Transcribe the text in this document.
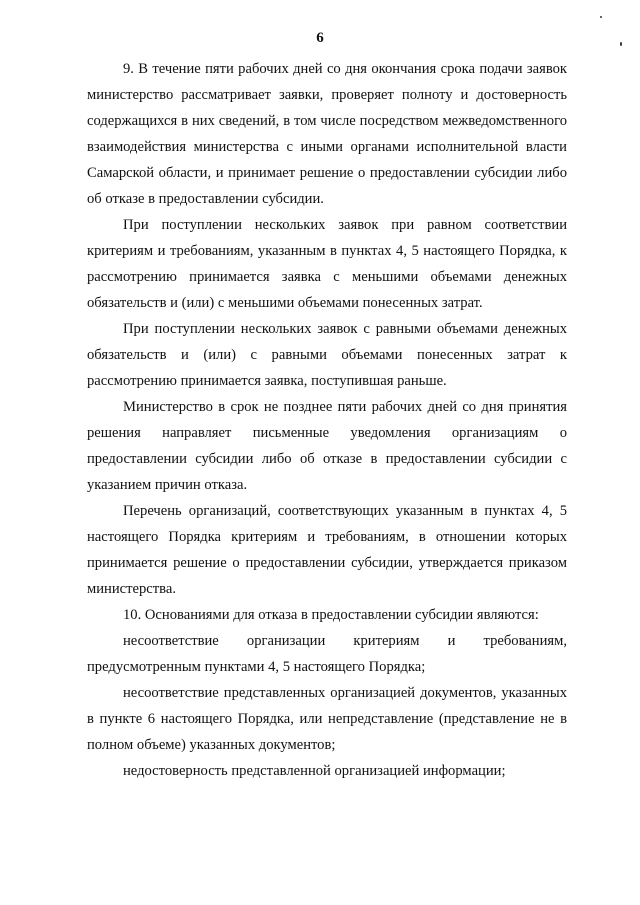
6

9. В течение пяти рабочих дней со дня окончания срока подачи заявок министерство рассматривает заявки, проверяет полноту и достоверность содержащихся в них сведений, в том числе посредством межведомственного взаимодействия министерства с иными органами исполнительной власти Самарской области, и принимает решение о предоставлении субсидии либо об отказе в предоставлении субсидии.

При поступлении нескольких заявок при равном соответствии критериям и требованиям, указанным в пунктах 4, 5 настоящего Порядка, к рассмотрению принимается заявка с меньшими объемами денежных обязательств и (или) с меньшими объемами понесенных затрат.

При поступлении нескольких заявок с равными объемами денежных обязательств и (или) с равными объемами понесенных затрат к рассмотрению принимается заявка, поступившая раньше.

Министерство в срок не позднее пяти рабочих дней со дня принятия решения направляет письменные уведомления организациям о предоставлении субсидии либо об отказе в предоставлении субсидии с указанием причин отказа.

Перечень организаций, соответствующих указанным в пунктах 4, 5 настоящего Порядка критериям и требованиям, в отношении которых принимается решение о предоставлении субсидии, утверждается приказом министерства.

10. Основаниями для отказа в предоставлении субсидии являются:

несоответствие организации критериям и требованиям, предусмотренным пунктами 4, 5 настоящего Порядка;

несоответствие представленных организацией документов, указанных в пункте 6 настоящего Порядка, или непредставление (представление не в полном объеме) указанных документов;

недостоверность представленной организацией информации;
